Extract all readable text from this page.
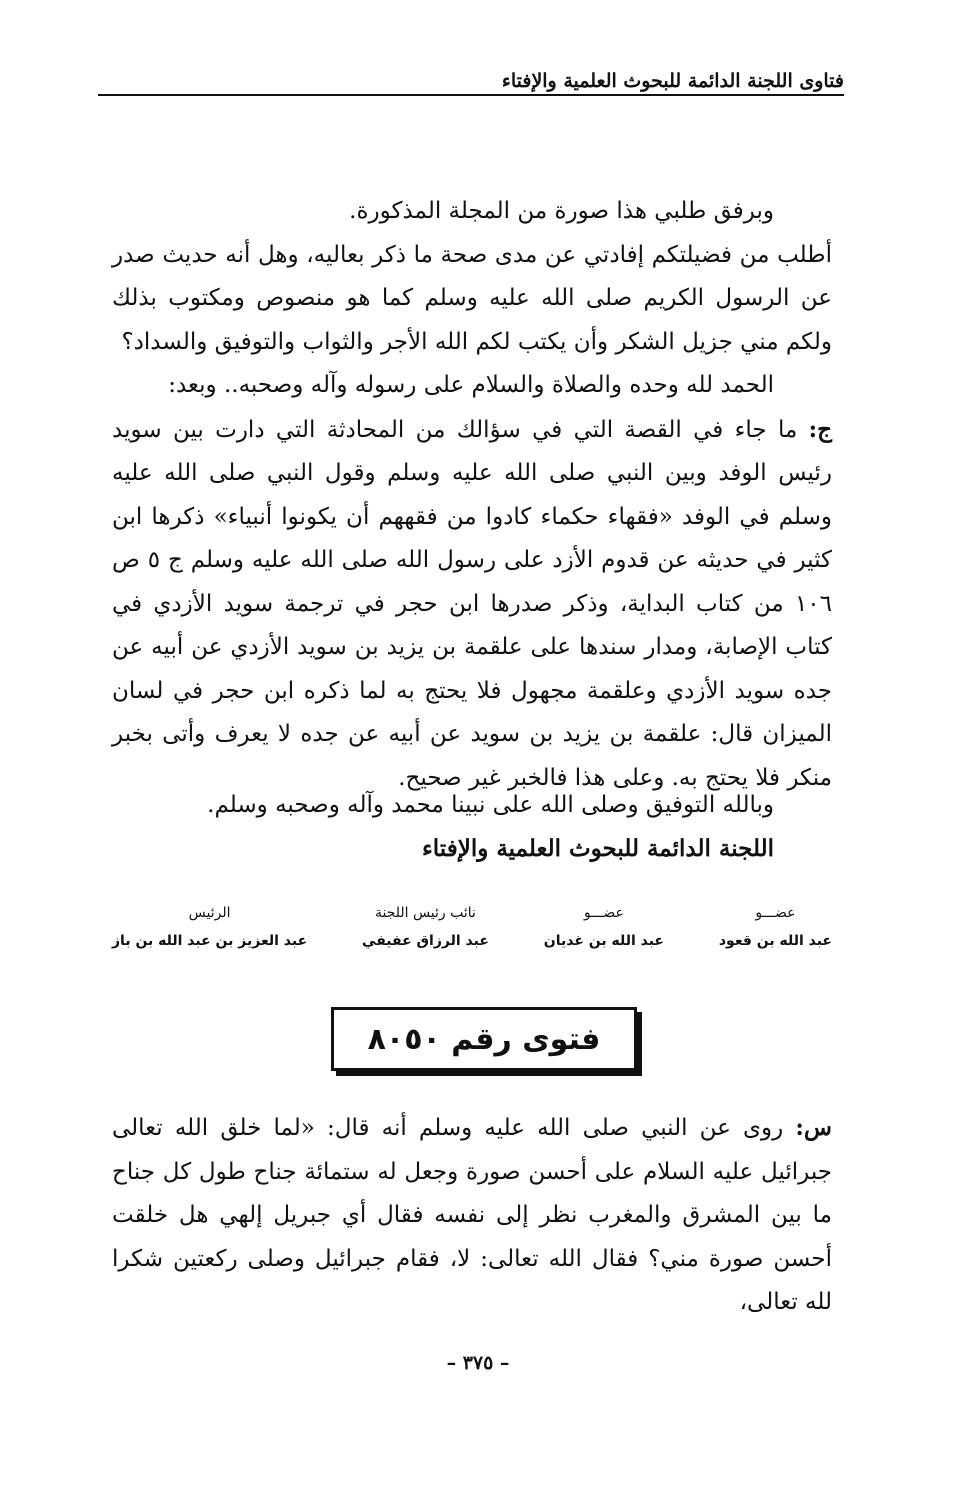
فتاوى اللجنة الدائمة للبحوث العلمية والإفتاء

وبرفق طلبي هذا صورة من المجلة المذكورة.

أطلب من فضيلتكم إفادتي عن مدى صحة ما ذكر بعاليه، وهل أنه حديث صدر عن الرسول الكريم صلى الله عليه وسلم كما هو منصوص ومكتوب بذلك ولكم مني جزيل الشكر وأن يكتب لكم الله الأجر والثواب والتوفيق والسداد؟

الحمد لله وحده والصلاة والسلام على رسوله وآله وصحبه.. وبعد:

ج: ما جاء في القصة التي في سؤالك من المحادثة التي دارت بين سويد رئيس الوفد وبين النبي صلى الله عليه وسلم وقول النبي صلى الله عليه وسلم في الوفد «فقهاء حكماء كادوا من فقههم أن يكونوا أنبياء» ذكرها ابن كثير في حديثه عن قدوم الأزد على رسول الله صلى الله عليه وسلم ج ٥ ص ١٠٦ من كتاب البداية، وذكر صدرها ابن حجر في ترجمة سويد الأزدي في كتاب الإصابة، ومدار سندها على علقمة بن يزيد بن سويد الأزدي عن أبيه عن جده سويد الأزدي وعلقمة مجهول فلا يحتج به لما ذكره ابن حجر في لسان الميزان قال: علقمة بن يزيد بن سويد عن أبيه عن جده لا يعرف وأتى بخبر منكر فلا يحتج به. وعلى هذا فالخبر غير صحيح.

وبالله التوفيق وصلى الله على نبينا محمد وآله وصحبه وسلم.

اللجنة الدائمة للبحوث العلمية والإفتاء

الرئيس
عبد العزيز بن عبد الله بن باز
نائب رئيس اللجنة
عبد الرزاق عفيفي
عضـــو
عبد الله بن غديان
عضـــو
عبد الله بن قعود
فتوى رقم ٨٠٥٠

س: روى عن النبي صلى الله عليه وسلم أنه قال: «لما خلق الله تعالى جبرائيل عليه السلام على أحسن صورة وجعل له ستمائة جناح طول كل جناح ما بين المشرق والمغرب نظر إلى نفسه فقال أي جبريل إلهي هل خلقت أحسن صورة مني؟ فقال الله تعالى: لا، فقام جبرائيل وصلى ركعتين شكرا لله تعالى،

– ٣٧٥ –
